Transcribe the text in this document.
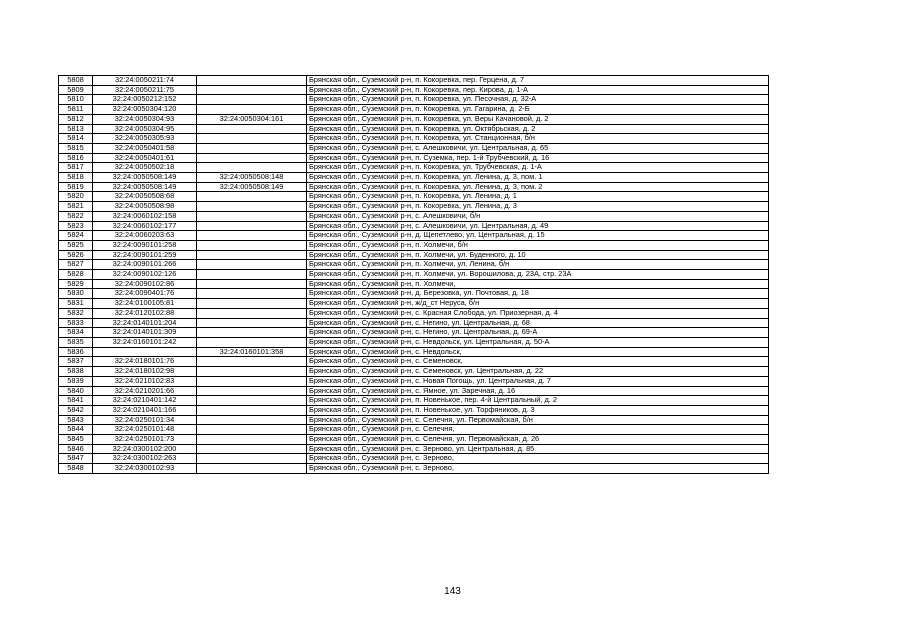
5808	32:24:0050211:74		Брянская обл., Суземский р-н, п. Кокоревка, пер. Герцена, д. 7
5809	32:24:0050211:75		Брянская обл., Суземский р-н, п. Кокоревка, пер. Кирова, д. 1-А
5810	32:24:0050212:152		Брянская обл., Суземский р-н, п. Кокоревка, ул. Песочная, д. 32-А
5811	32:24:0050304:120		Брянская обл., Суземский р-н, п. Кокоревка, ул. Гагарина, д. 2-Б
5812	32:24:0050304:93	32:24:0050304:161	Брянская обл., Суземский р-н, п. Кокоревка, ул. Веры Качановой, д. 2
5813	32:24:0050304:95		Брянская обл., Суземский р-н, п. Кокоревка, ул. Октябрьская, д. 2
5814	32:24:0050305:93		Брянская обл., Суземский р-н, п. Кокоревка, ул. Станционная, б/н
5815	32:24:0050401:58		Брянская обл., Суземский р-н, с. Алешковичи, ул. Центральная, д. 65
5816	32:24:0050401:61		Брянская обл., Суземский р-н, п. Суземка, пер. 1-й Трубчевский, д. 16
5817	32:24:0050502:18		Брянская обл., Суземский р-н, п. Кокоревка, ул. Трубчевская, д. 1-А
5818	32:24:0050508:149	32:24:0050508:148	Брянская обл., Суземский р-н, п. Кокоревка, ул. Ленина, д. 3, пом. 1
5819	32:24:0050508:149	32:24:0050508:149	Брянская обл., Суземский р-н, п. Кокоревка, ул. Ленина, д. 3, пом. 2
5820	32:24:0050508:68		Брянская обл., Суземский р-н, п. Кокоревка, ул. Ленина, д. 1
5821	32:24:0050508:98		Брянская обл., Суземский р-н, п. Кокоревка, ул. Ленина, д. 3
5822	32:24:0060102:158		Брянская обл., Суземский р-н, с. Алешковичи, б/н
5823	32:24:0060102:177		Брянская обл., Суземский р-н, с. Алешковичи, ул. Центральная, д. 49
5824	32:24:0060203:63		Брянская обл., Суземский р-н, д. Щепетлево, ул. Центральная, д. 15
5825	32:24:0090101:258		Брянская обл., Суземский р-н, п. Холмечи, б/н
5826	32:24:0090101:259		Брянская обл., Суземский р-н, п. Холмечи, ул. Буденного, д. 10
5827	32:24:0090101:266		Брянская обл., Суземский р-н, п. Холмечи, ул. Ленина, б/н
5828	32:24:0090102:126		Брянская обл., Суземский р-н, п. Холмечи, ул. Ворошилова, д. 23А, стр. 23А
5829	32:24:0090102:86		Брянская обл., Суземский р-н, п. Холмечи,
5830	32:24:0090401:76		Брянская обл., Суземский р-н, д. Березовка, ул. Почтовая, д. 18
5831	32:24:0100105:81		Брянская обл., Суземский р-н, ж/д_ст Неруса, б/н
5832	32:24:0120102:88		Брянская обл., Суземский р-н, с. Красная Слобода, ул. Приозерная, д. 4
5833	32:24:0140101:204		Брянская обл., Суземский р-н, с. Негино, ул. Центральная, д. 68
5834	32:24:0140101:309		Брянская обл., Суземский р-н, с. Негино, ул. Центральная, д. 69-А
5835	32:24:0160101:242		Брянская обл., Суземский р-н, с. Невдольск, ул. Центральная, д. 50-А
5836		32:24:0160101:358	Брянская обл., Суземский р-н, с. Невдольск,
5837	32:24:0180101:76		Брянская обл., Суземский р-н, с. Семеновск,
5838	32:24:0180102:98		Брянская обл., Суземский р-н, с. Семеновск, ул. Центральная, д. 22
5839	32:24:0210102:83		Брянская обл., Суземский р-н, с. Новая Погощь, ул. Центральная, д. 7
5840	32:24:0210201:66		Брянская обл., Суземский р-н, с. Ямное, ул. Заречная, д. 16
5841	32:24:0210401:142		Брянская обл., Суземский р-н, п. Новенькое, пер. 4-й Центральный, д. 2
5842	32:24:0210401:166		Брянская обл., Суземский р-н, п. Новенькое, ул. Торфяников, д. 3
5843	32:24:0250101:34		Брянская обл., Суземский р-н, с. Селечня, ул. Первомайская, б/н
5844	32:24:0250101:48		Брянская обл., Суземский р-н, с. Селечня,
5845	32:24:0250101:73		Брянская обл., Суземский р-н, с. Селечня, ул. Первомайская, д. 26
5846	32:24:0300102:200		Брянская обл., Суземский р-н, с. Зерново, ул. Центральная, д. 85
5847	32:24:0300102:263		Брянская обл., Суземский р-н, с. Зерново,
5848	32:24:0300102:93		Брянская обл., Суземский р-н, с. Зерново,
143
